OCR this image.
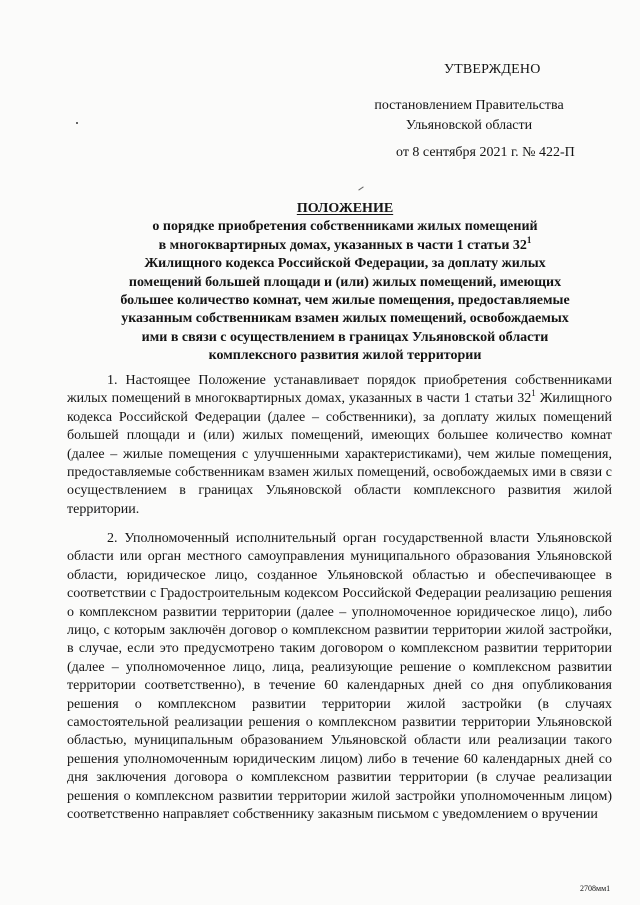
УТВЕРЖДЕНО
постановлением Правительства
Ульяновской области
от 8 сентября 2021 г. № 422-П
ПОЛОЖЕНИЕ
о порядке приобретения собственниками жилых помещений
в многоквартирных домах, указанных в части 1 статьи $32^1$
Жилищного кодекса Российской Федерации, за доплату жилых
помещений большей площади и (или) жилых помещений, имеющих
большее количество комнат, чем жилые помещения, предоставляемые
указанным собственникам взамен жилых помещений, освобождаемых
ими в связи с осуществлением в границах Ульяновской области
комплексного развития жилой территории
1. Настоящее Положение устанавливает порядок приобретения собственниками жилых помещений в многоквартирных домах, указанных в части 1 статьи $32^1$ Жилищного кодекса Российской Федерации (далее – собственники), за доплату жилых помещений большей площади и (или) жилых помещений, имеющих большее количество комнат (далее – жилые помещения с улучшенными характеристиками), чем жилые помещения, предоставляемые собственникам взамен жилых помещений, освобождаемых ими в связи с осуществлением в границах Ульяновской области комплексного развития жилой территории.
2. Уполномоченный исполнительный орган государственной власти Ульяновской области или орган местного самоуправления муниципального образования Ульяновской области, юридическое лицо, созданное Ульяновской областью и обеспечивающее в соответствии с Градостроительным кодексом Российской Федерации реализацию решения о комплексном развитии территории (далее – уполномоченное юридическое лицо), либо лицо, с которым заключён договор о комплексном развитии территории жилой застройки, в случае, если это предусмотрено таким договором о комплексном развитии территории (далее – уполномоченное лицо, лица, реализующие решение о комплексном развитии территории соответственно), в течение 60 календарных дней со дня опубликования решения о комплексном развитии территории жилой застройки (в случаях самостоятельной реализации решения о комплексном развитии территории Ульяновской областью, муниципальным образованием Ульяновской области или реализации такого решения уполномоченным юридическим лицом) либо в течение 60 календарных дней со дня заключения договора о комплексном развитии территории (в случае реализации решения о комплексном развитии территории жилой застройки уполномоченным лицом) соответственно направляет собственнику заказным письмом с уведомлением о вручении
2708мм1
